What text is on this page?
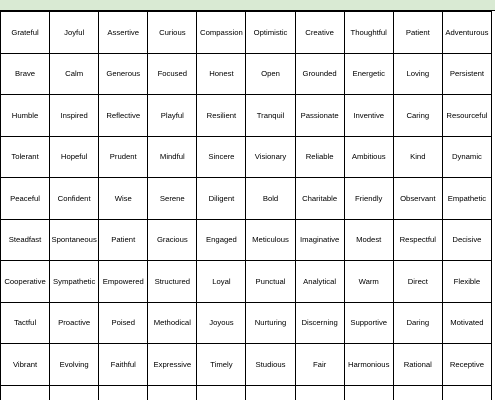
Grateful	Joyful	Assertive	Curious	Compassion	Optimistic	Creative	Thoughtful	Patient	Adventurous
Brave	Calm	Generous	Focused	Honest	Open	Grounded	Energetic	Loving	Persistent
Humble	Inspired	Reflective	Playful	Resilient	Tranquil	Passionate	Inventive	Caring	Resourceful
Tolerant	Hopeful	Prudent	Mindful	Sincere	Visionary	Reliable	Ambitious	Kind	Dynamic
Peaceful	Confident	Wise	Serene	Diligent	Bold	Charitable	Friendly	Observant	Empathetic
Steadfast	Spontaneous	Patient	Gracious	Engaged	Meticulous	Imaginative	Modest	Respectful	Decisive
Cooperative	Sympathetic	Empowered	Structured	Loyal	Punctual	Analytical	Warm	Direct	Flexible
Tactful	Proactive	Poised	Methodical	Joyous	Nurturing	Discerning	Supportive	Daring	Motivated
Vibrant	Evolving	Faithful	Expressive	Timely	Studious	Fair	Harmonious	Rational	Receptive
